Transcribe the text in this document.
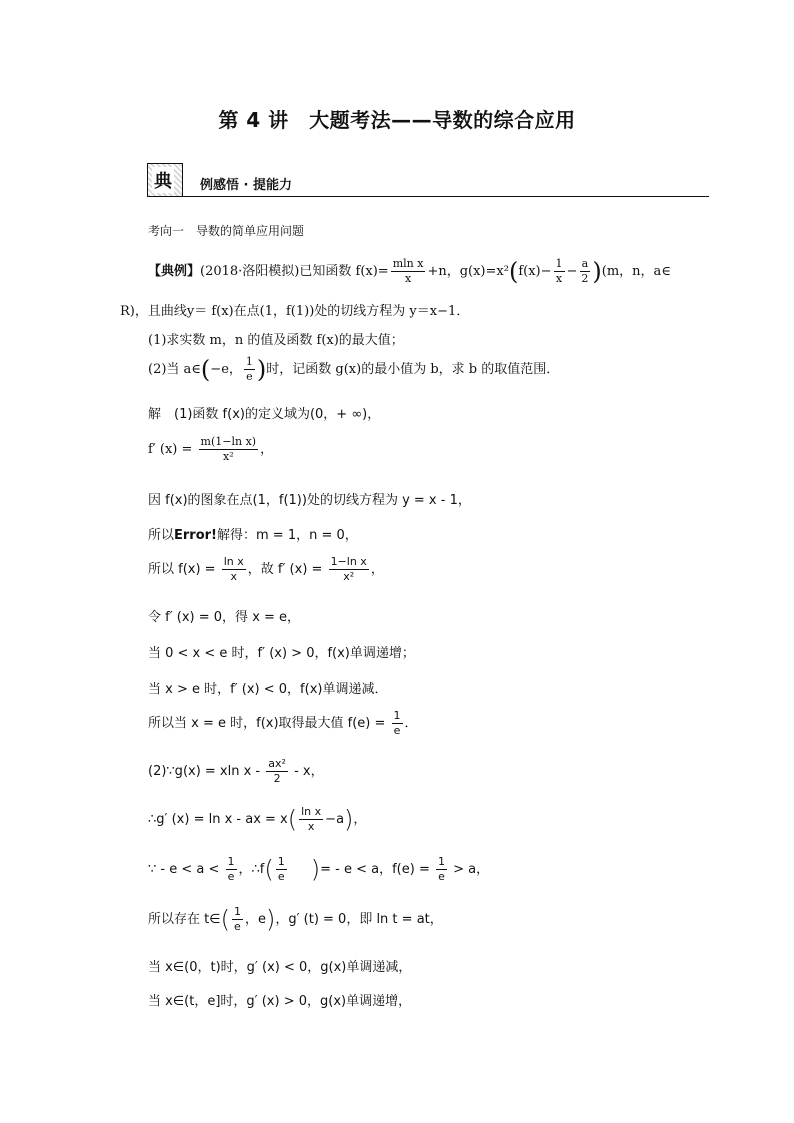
第 4 讲　大题考法——导数的综合应用
典 例感悟 · 提能力
考向一　导数的简单应用问题
【典例】(2018·洛阳模拟)已知函数 $f(x)= \frac{\text{mln x}}{x} +n$，$g(x)=x^2(f(x)- \frac{1}{x} - \frac{a}{2} )(m$，n，a∈
R)，且曲线y＝ f(x)在点(1，f(1))处的切线方程为 y＝x−1．
(1)求实数 m，n 的值及函数 f(x)的最大值；
(2)当 a∈(−e， $\frac{1}{e}$ )时，记函数 g(x)的最小值为 b，求 b 的取值范围．
解　(1)函数 f(x)的定义域为(0，+ ∞)，
f′ $(x) = \frac{\text{m(1−ln x)}}{\text{x²}}$ ，
因 f(x)的图象在点(1，f(1))处的切线方程为 y = x - 1，
所以Error!解得：m = 1，n = 0，
所以 $f(x) = \frac{\text{ln x}}{x}$ ，故 f′ $(x) = \frac{\text{1−ln x}}{\text{x²}}$ ，
令 f′ (x) = 0，得 x = e，
当 0 < x < e 时，f′ (x) > 0，f(x)单调递增；
当 x > e 时，f′ (x) < 0，f(x)单调递减．
所以当 x = e 时，f(x)取得最大值 $f(e) = \frac{1}{e}$ ．
(2)∵g(x) = xln x - $\frac{\text{ax²}}{2}$ - x，
∴g′ (x) = ln x - ax = $x( \frac{\text{ln x}}{x} -a)$，
∵ - $e < a < \frac{1}{e}$ ，∴f( $\frac{1}{e}$ )= - e < a，$f(e) = \frac{1}{e} > a$，
所以存在 t∈( $\frac{1}{e}$ ，e)，g′ (t) = 0，即 ln t = at，
当 x∈(0，t)时，g′ (x) < 0，g(x)单调递减，
当 x∈(t，e]时，g′ (x) > 0，g(x)单调递增，
